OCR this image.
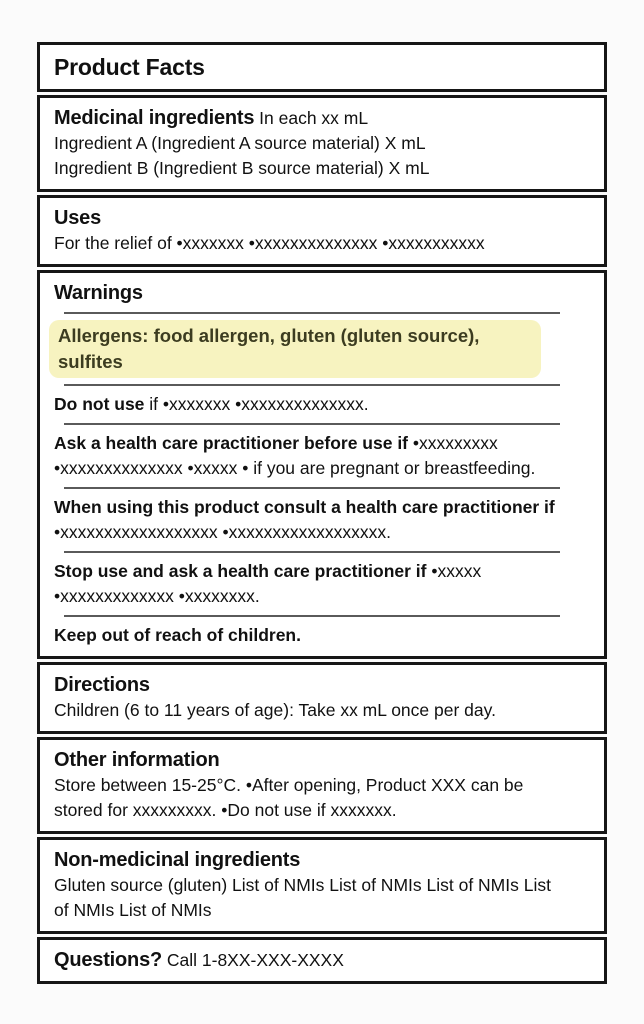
Product Facts

Medicinal ingredients In each xx mL

Ingredient A (Ingredient A source material) X mL

Ingredient B (Ingredient B source material) X mL

Uses

For the relief of •xxxxxxx •xxxxxxxxxxxxxx •xxxxxxxxxxx

Warnings
Allergens: food allergen, gluten (gluten source), sulfites

Do not use if •xxxxxxx •xxxxxxxxxxxxxx.

Ask a health care practitioner before use if •xxxxxxxxx •xxxxxxxxxxxxxx •xxxxx • if you are pregnant or breastfeeding.

When using this product consult a health care practitioner if •xxxxxxxxxxxxxxxxxx •xxxxxxxxxxxxxxxxxx.

Stop use and ask a health care practitioner if •xxxxx •xxxxxxxxxxxxx •xxxxxxxx.

Keep out of reach of children.

Directions

Children (6 to 11 years of age): Take xx mL once per day.

Other information

Store between 15-25°C. •After opening, Product XXX can be stored for xxxxxxxxx. •Do not use if xxxxxxx.

Non-medicinal ingredients

Gluten source (gluten) List of NMIs List of NMIs List of NMIs List of NMIs List of NMIs

Questions? Call 1-8XX-XXX-XXXX
